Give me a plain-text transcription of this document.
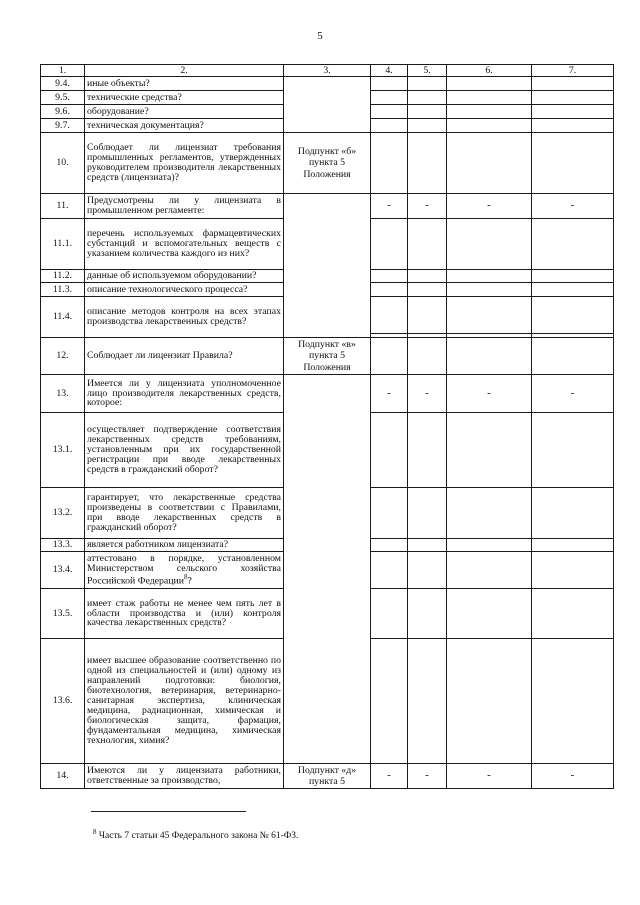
5
1.	2.	3.	4.	5.	6.	7.
9.4.	иные объекты?					
9.5.	технические средства?					
9.6.	оборудование?					
9.7.	техническая документация?					
10.	Соблюдает ли лицензиат требования промышленных регламентов, утвержденных руководителем производителя лекарственных средств (лицензиата)?	Подпункт «б» пункта 5 Положения				
11.	Предусмотрены ли у лицензиата в промышленном регламенте:		-	-	-	-
11.1.	перечень используемых фармацевтических субстанций и вспомогательных веществ с указанием количества каждого из них?					
11.2.	данные об используемом оборудовании?					
11.3.	описание технологического процесса?					
11.4.	описание методов контроля на всех этапах производства лекарственных средств?					

12.	Соблюдает ли лицензиат Правила?	Подпункт «в» пункта 5 Положения				
13.	Имеется ли у лицензиата уполномоченное лицо производителя лекарственных средств, которое:		-	-	-	-
13.1.	осуществляет подтверждение соответствия лекарственных средств требованиям, установленным при их государственной регистрации при вводе лекарственных средств в гражданский оборот?					
13.2.	гарантирует, что лекарственные средства произведены в соответствии с Правилами, при вводе лекарственных средств в гражданский оборот?					
13.3.	является работником лицензиата?					
13.4.	аттестовано в порядке, установленном Министерством сельского хозяйства Российской Федерации$^8$?					
13.5.	имеет стаж работы не менее чем пять лет в области производства и (или) контроля качества лекарственных средств?					
13.6.	имеет высшее образование соответственно по одной из специальностей и (или) одному из направлений подготовки: биология, биотехнология, ветеринария, ветеринарно-санитарная экспертиза, клиническая медицина, радиационная, химическая и биологическая защита, фармация, фундаментальная медицина, химическая технология, химия?					
14.	Имеются ли у лицензиата работники, ответственные за производство,	Подпункт «д» пункта 5	-	-	-	-
$^8$ Часть 7 статьи 45 Федерального закона № 61-ФЗ.
